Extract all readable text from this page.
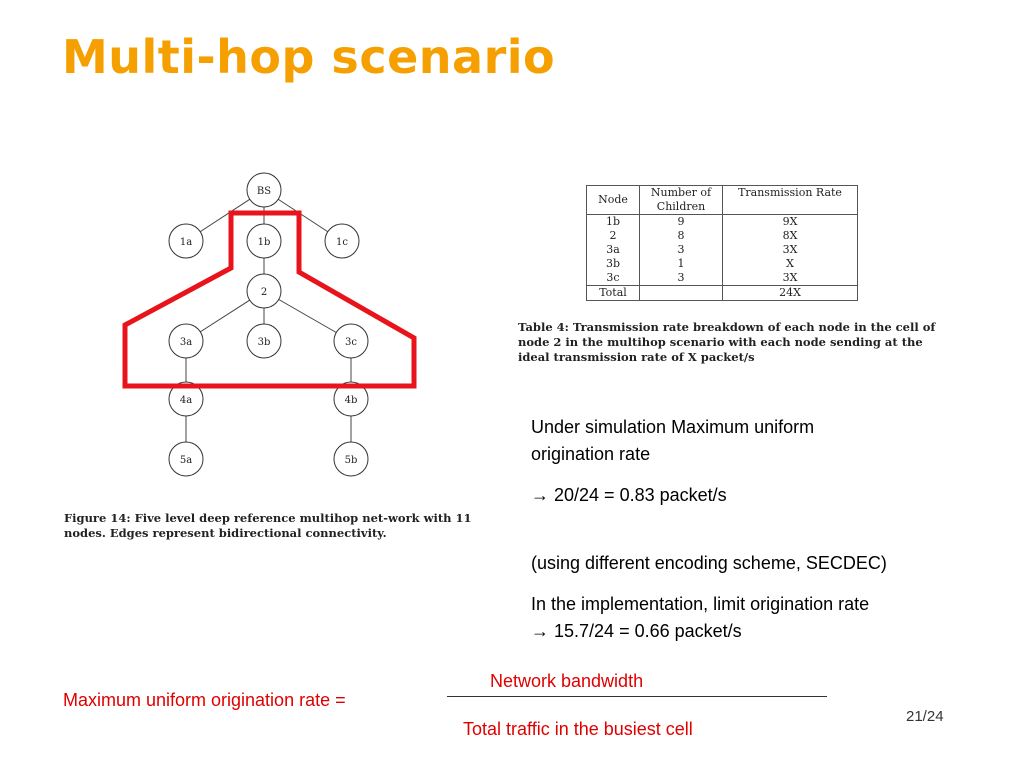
Multi-hop scenario
BS
1a	1b	1c
2
3a	3b	3c
4a	4b
5a	5b
Figure 14: Five level deep reference multihop net-work with 11 nodes. Edges represent bidirectional connectivity.
Node	Number of Children	Transmission Rate
1b	9	9X
2	8	8X
3a	3	3X
3b	1	X
3c	3	3X
Total		24X
Table 4: Transmission rate breakdown of each node in the cell of node 2 in the multihop scenario with each node sending at the ideal transmission rate of X packet/s
Under simulation Maximum uniform
origination rate
→ 20/24 = 0.83 packet/s
(using different encoding scheme, SECDEC)
In the implementation, limit origination rate
→ 15.7/24 = 0.66 packet/s
Maximum uniform origination rate =
Network bandwidth
Total traffic in the busiest cell
21/24
